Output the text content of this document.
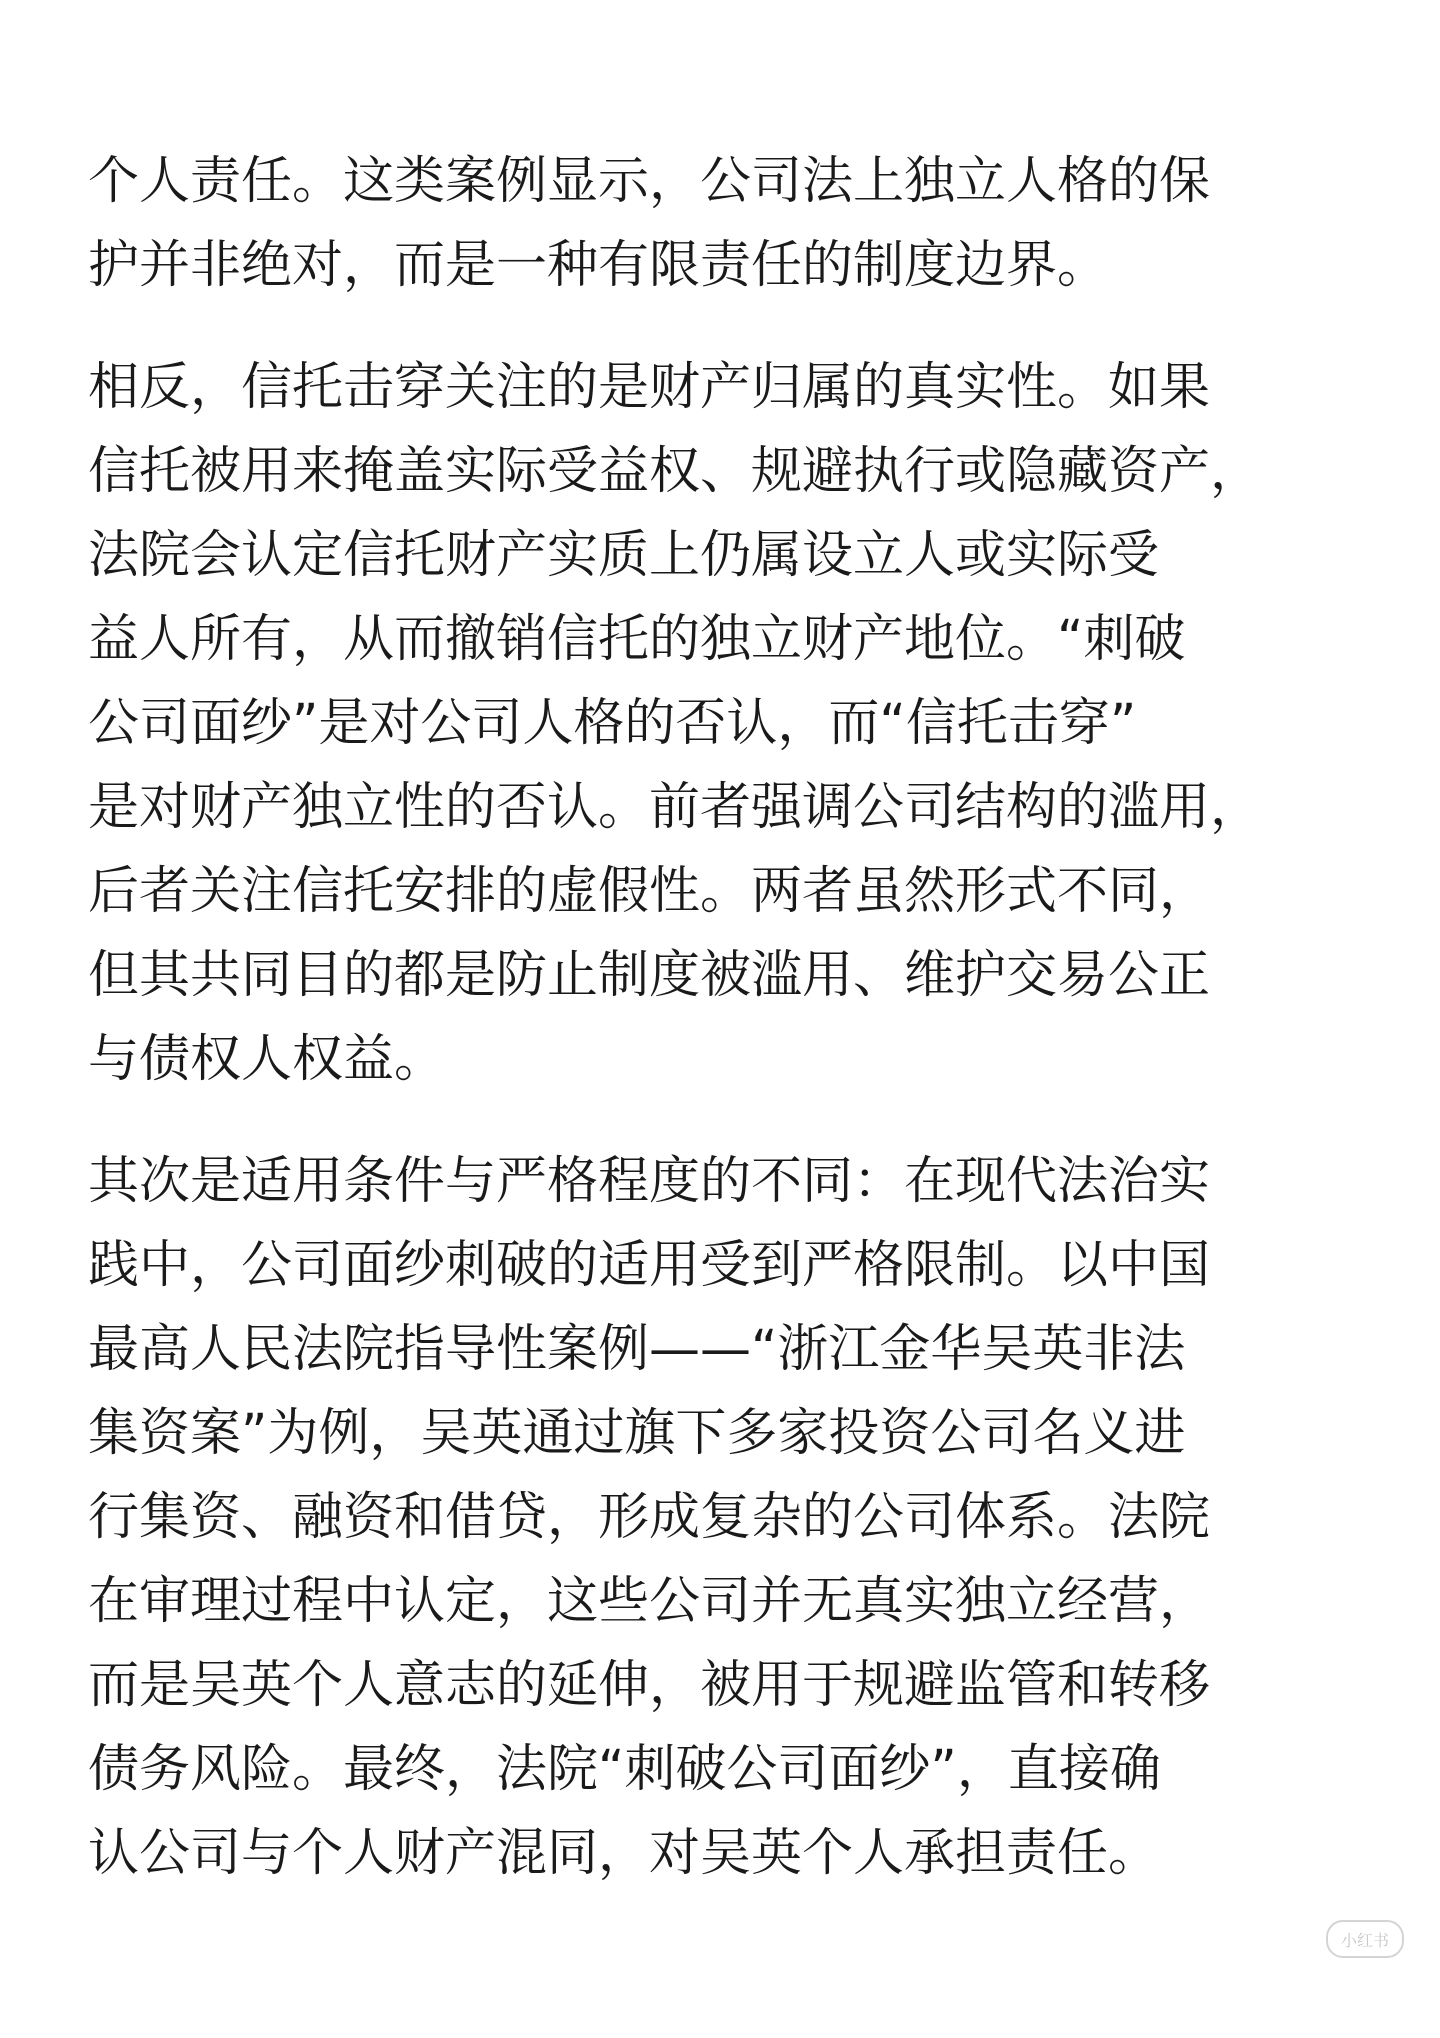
个人责任。这类案例显示，公司法上独立人格的保
护并非绝对，而是一种有限责任的制度边界。

相反，信托击穿关注的是财产归属的真实性。如果
信托被用来掩盖实际受益权、规避执行或隐藏资产，
法院会认定信托财产实质上仍属设立人或实际受
益人所有，从而撤销信托的独立财产地位。“刺破
公司面纱”是对公司人格的否认，而“信托击穿”
是对财产独立性的否认。前者强调公司结构的滥用，
后者关注信托安排的虚假性。两者虽然形式不同，
但其共同目的都是防止制度被滥用、维护交易公正
与债权人权益。

其次是适用条件与严格程度的不同：在现代法治实
践中，公司面纱刺破的适用受到严格限制。以中国
最高人民法院指导性案例——“浙江金华吴英非法
集资案”为例，吴英通过旗下多家投资公司名义进
行集资、融资和借贷，形成复杂的公司体系。法院
在审理过程中认定，这些公司并无真实独立经营，
而是吴英个人意志的延伸，被用于规避监管和转移
债务风险。最终，法院“刺破公司面纱”，直接确
认公司与个人财产混同，对吴英个人承担责任。

小红书
